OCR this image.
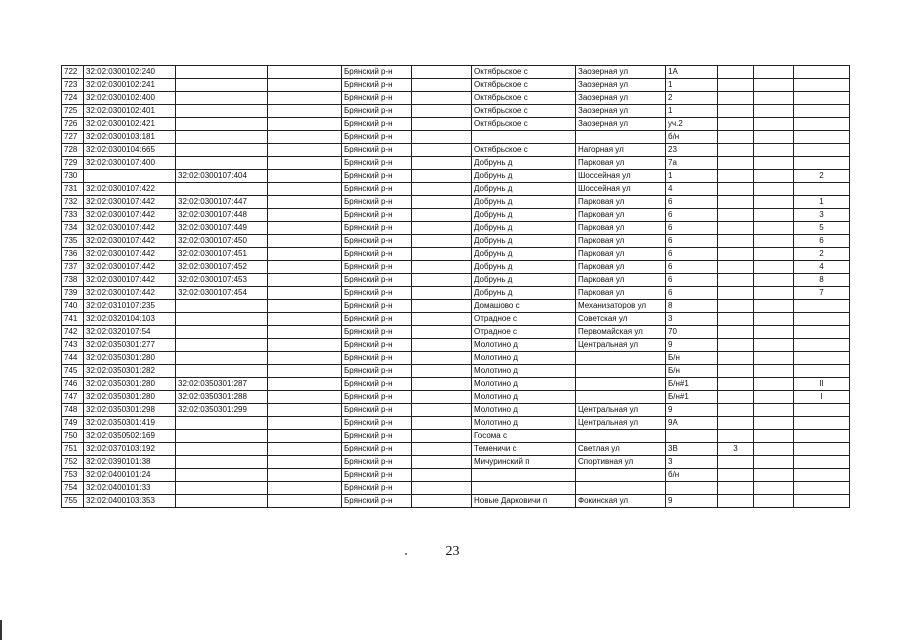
722	32:02:0300102:240			Брянский р-н		Октябрьское с	Заозерная ул	1А			
723	32:02:0300102:241			Брянский р-н		Октябрьское с	Заозерная ул	1			
724	32:02:0300102:400			Брянский р-н		Октябрьское с	Заозерная ул	2			
725	32:02:0300102:401			Брянский р-н		Октябрьское с	Заозерная ул	1			
726	32:02:0300102:421			Брянский р-н		Октябрьское с	Заозерная ул	уч.2			
727	32:02:0300103:181			Брянский р-н				б/н			
728	32:02:0300104:665			Брянский р-н		Октябрьское с	Нагорная ул	23			
729	32:02:0300107:400			Брянский р-н		Добрунь д	Парковая ул	7а			
730		32:02:0300107:404		Брянский р-н		Добрунь д	Шоссейная ул	1			2
731	32:02:0300107:422			Брянский р-н		Добрунь д	Шоссейная ул	4			
732	32:02:0300107:442	32:02:0300107:447		Брянский р-н		Добрунь д	Парковая ул	6			1
733	32:02:0300107:442	32:02:0300107:448		Брянский р-н		Добрунь д	Парковая ул	6			3
734	32:02:0300107:442	32:02:0300107:449		Брянский р-н		Добрунь д	Парковая ул	6			5
735	32:02:0300107:442	32:02:0300107:450		Брянский р-н		Добрунь д	Парковая ул	6			6
736	32:02:0300107:442	32:02:0300107:451		Брянский р-н		Добрунь д	Парковая ул	6			2
737	32:02:0300107:442	32:02:0300107:452		Брянский р-н		Добрунь д	Парковая ул	6			4
738	32:02:0300107:442	32:02:0300107:453		Брянский р-н		Добрунь д	Парковая ул	6			8
739	32:02:0300107:442	32:02:0300107:454		Брянский р-н		Добрунь д	Парковая ул	6			7
740	32:02:0310107:235			Брянский р-н		Домашово с	Механизаторов ул	8			
741	32:02:0320104:103			Брянский р-н		Отрадное с	Советская ул	3			
742	32:02:0320107:54			Брянский р-н		Отрадное с	Первомайская ул	70			
743	32:02:0350301:277			Брянский р-н		Молотино д	Центральная ул	9			
744	32:02:0350301:280			Брянский р-н		Молотино д		Б/н			
745	32:02:0350301:282			Брянский р-н		Молотино д		Б/н			
746	32:02:0350301:280	32:02:0350301:287		Брянский р-н		Молотино д		Б/н#1			II
747	32:02:0350301:280	32:02:0350301:288		Брянский р-н		Молотино д		Б/н#1			I
748	32:02:0350301:298	32:02:0350301:299		Брянский р-н		Молотино д	Центральная ул	9			
749	32:02:0350301:419			Брянский р-н		Молотино д	Центральная ул	9А			
750	32:02:0350502:169			Брянский р-н		Госома с					
751	32:02:0370103:192			Брянский р-н		Теменичи с	Светлая ул	3В	3		
752	32:02:0390101:38			Брянский р-н		Мичуринский п	Спортивная ул	3			
753	32:02:0400101:24			Брянский р-н				б/н			
754	32:02:0400101:33			Брянский р-н							
755	32:02:0400103:353			Брянский р-н		Новые Дарковичи п	Фокинская ул	9			
23
